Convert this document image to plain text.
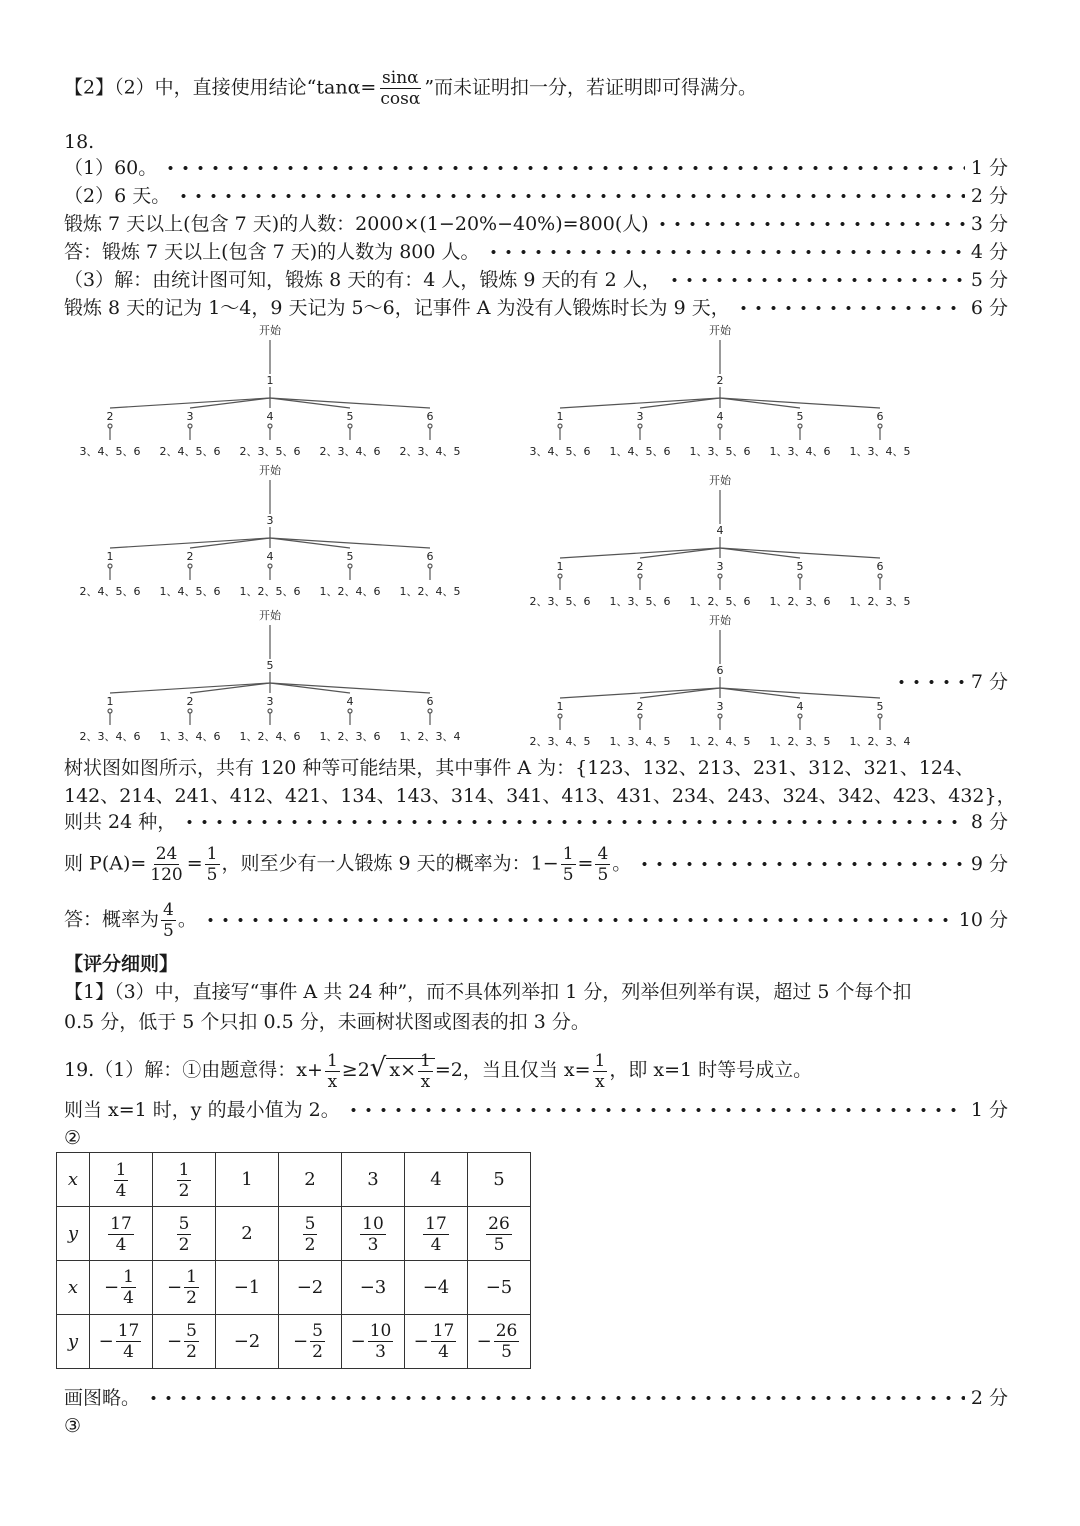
【2】（2）中，直接使用结论“$\tan\alpha= \frac{\sin\alpha}{\cos\alpha}$ ”而未证明扣一分，若证明即可得满分。
18.
（1）60。	1 分
（2）6 天。	2 分
锻炼 7 天以上(包含 7 天)的人数：2000×(1−20%−40%)=800(人)	3 分
答：锻炼 7 天以上(包含 7 天)的人数为 800 人。	4 分
（3）解：由统计图可知，锻炼 8 天的有：4 人，锻炼 9 天的有 2 人，	5 分
锻炼 8 天的记为 1～4，9 天记为 5～6，记事件 A 为没有人锻炼时长为 9 天，	6 分
开始
1
2
3、4、5、6
3
2、4、5、6
4
2、3、5、6
5
2、3、4、6
6
2、3、4、5
开始
2
1
3、4、5、6
3
1、4、5、6
4
1、3、5、6
5
1、3、4、6
6
1、3、4、5
开始
3
1
2、4、5、6
2
1、4、5、6
4
1、2、5、6
5
1、2、4、6
6
1、2、4、5
开始
4
1
2、3、5、6
2
1、3、5、6
3
1、2、5、6
5
1、2、3、6
6
1、2、3、5
开始
5
1
2、3、4、6
2
1、3、4、6
3
1、2、4、6
4
1、2、3、6
6
1、2、3、4
开始
6
1
2、3、4、5
2
1、3、4、5
3
1、2、4、5
4
1、2、3、5
5
1、2、3、4
7 分
树状图如图所示，共有 120 种等可能结果，其中事件 A 为：{123、132、213、231、312、321、124、
142、214、241、412、421、134、143、314、341、413、431、234、243、324、342、423、432}，
则共 24 种，	8 分
则 $P(A)= \frac{24}{120} = \frac{1}{5}$ ，则至少有一人锻炼 9 天的概率为：$1- \frac{1}{5} = \frac{4}{5}$ 。	9 分
答：概率为 $\frac{4}{5}$ 。	10 分
【评分细则】
【1】（3）中，直接写“事件 A 共 24 种”，而不具体列举扣 1 分，列举但列举有误，超过 5 个每个扣
0.5 分，低于 5 个只扣 0.5 分，未画树状图或图表的扣 3 分。
19.（1）解：①由题意得：$x+ \frac{1}{x} \ge 2√$ $x\times \frac{1}{x} =2$，当且仅当 $x= \frac{1}{x}$ ，即 x=1 时等号成立。
则当 x=1 时，y 的最小值为 2。	1 分
②
x	$\frac{1}{4}$	$\frac{1}{2}$	1	2	3	4	5
y	$\frac{17}{4}$	$\frac{5}{2}$	2	$\frac{5}{2}$	$\frac{10}{3}$	$\frac{17}{4}$	$\frac{26}{5}$

x	− $\frac{1}{4}$	− $\frac{1}{2}$	−1	−2	−3	−4	−5
y	− $\frac{17}{4}$	− $\frac{5}{2}$	−2	− $\frac{5}{2}$	− $\frac{10}{3}$	− $\frac{17}{4}$	− $\frac{26}{5}$
画图略。	2 分
③
